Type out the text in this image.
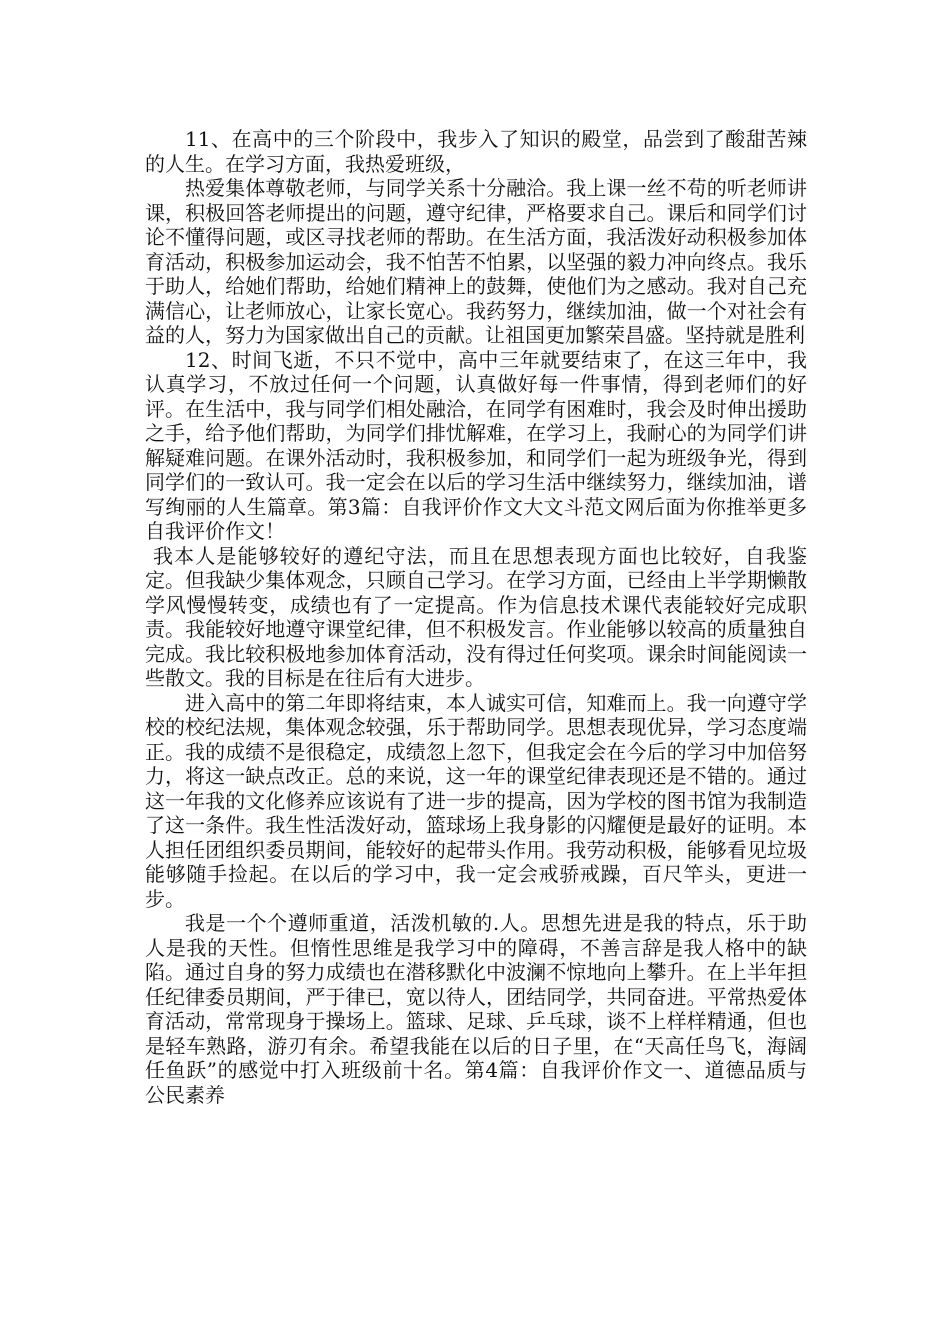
11、在高中的三个阶段中，我步入了知识的殿堂，品尝到了酸甜苦辣的人生。在学习方面，我热爱班级，

热爱集体尊敬老师，与同学关系十分融洽。我上课一丝不苟的听老师讲课，积极回答老师提出的问题，遵守纪律，严格要求自己。课后和同学们讨论不懂得问题，或区寻找老师的帮助。在生活方面，我活泼好动积极参加体育活动，积极参加运动会，我不怕苦不怕累，以坚强的毅力冲向终点。我乐于助人，给她们帮助，给她们精神上的鼓舞，使他们为之感动。我对自己充满信心，让老师放心，让家长宽心。我药努力，继续加油，做一个对社会有益的人，努力为国家做出自己的贡献。让祖国更加繁荣昌盛。坚持就是胜利

12、时间飞逝，不只不觉中，高中三年就要结束了，在这三年中，我认真学习，不放过任何一个问题，认真做好每一件事情，得到老师们的好评。在生活中，我与同学们相处融洽，在同学有困难时，我会及时伸出援助之手，给予他们帮助，为同学们排忧解难，在学习上，我耐心的为同学们讲解疑难问题。在课外活动时，我积极参加，和同学们一起为班级争光，得到同学们的一致认可。我一定会在以后的学习生活中继续努力，继续加油，谱写绚丽的人生篇章。第3篇：自我评价作文大文斗范文网后面为你推举更多自我评价作文！

我本人是能够较好的遵纪守法，而且在思想表现方面也比较好，自我鉴定。但我缺少集体观念，只顾自己学习。在学习方面，已经由上半学期懒散学风慢慢转变，成绩也有了一定提高。作为信息技术课代表能较好完成职责。我能较好地遵守课堂纪律，但不积极发言。作业能够以较高的质量独自完成。我比较积极地参加体育活动，没有得过任何奖项。课余时间能阅读一些散文。我的目标是在往后有大进步。

进入高中的第二年即将结束，本人诚实可信，知难而上。我一向遵守学校的校纪法规，集体观念较强，乐于帮助同学。思想表现优异，学习态度端正。我的成绩不是很稳定，成绩忽上忽下，但我定会在今后的学习中加倍努力，将这一缺点改正。总的来说，这一年的课堂纪律表现还是不错的。通过这一年我的文化修养应该说有了进一步的提高，因为学校的图书馆为我制造了这一条件。我生性活泼好动，篮球场上我身影的闪耀便是最好的证明。本人担任团组织委员期间，能较好的起带头作用。我劳动积极，能够看见垃圾能够随手捡起。在以后的学习中，我一定会戒骄戒躁，百尺竿头，更进一步。

我是一个个遵师重道，活泼机敏的.人。思想先进是我的特点，乐于助人是我的天性。但惰性思维是我学习中的障碍，不善言辞是我人格中的缺陷。通过自身的努力成绩也在潜移默化中波澜不惊地向上攀升。在上半年担任纪律委员期间，严于律已，宽以待人，团结同学，共同奋进。平常热爱体育活动，常常现身于操场上。篮球、足球、乒乓球，谈不上样样精通，但也是轻车熟路，游刃有余。希望我能在以后的日子里，在“天高任鸟飞，海阔任鱼跃”的感觉中打入班级前十名。第4篇：自我评价作文一、道德品质与公民素养
